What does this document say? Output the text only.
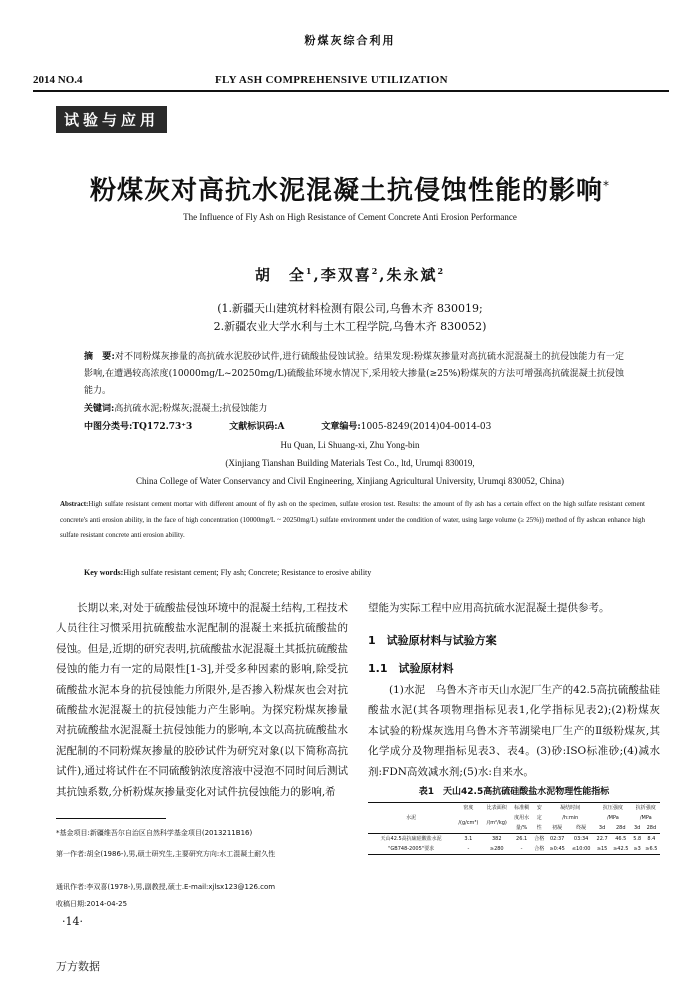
粉煤灰综合利用
2014 NO.4	FLY ASH COMPREHENSIVE UTILIZATION
试验与应用
粉煤灰对高抗水泥混凝土抗侵蚀性能的影响*
The Influence of Fly Ash on High Resistance of Cement Concrete Anti Erosion Performance
胡　全$^1$,李双喜$^2$,朱永斌$^2$
(1.新疆天山建筑材料检测有限公司,乌鲁木齐 830019;
2.新疆农业大学水利与土木工程学院,乌鲁木齐 830052)
摘　要:对不同粉煤灰掺量的高抗硫水泥胶砂试件,进行硫酸盐侵蚀试验。结果发现:粉煤灰掺量对高抗硫水泥混凝土的抗侵蚀能力有一定影响,在遭遇较高浓度(10000mg/L~20250mg/L)硫酸盐环境水情况下,采用较大掺量(≥25%)粉煤灰的方法可增强高抗硫混凝土抗侵蚀能力。
关键词:高抗硫水泥;粉煤灰;混凝土;抗侵蚀能力
中图分类号:TQ172.73⁺3	文献标识码:A	文章编号:1005-8249(2014)04-0014-03
Hu Quan, Li Shuang-xi, Zhu Yong-bin
(Xinjiang Tianshan Building Materials Test Co., ltd, Urumqi 830019,
China College of Water Conservancy and Civil Engineering, Xinjiang Agricultural University, Urumqi 830052, China)
Abstract:High sulfate resistant cement mortar with different amount of fly ash on the specimen, sulfate erosion test. Results: the amount of fly ash has a certain effect on the high sulfate resistant cement concrete's anti erosion ability, in the face of high concentration (10000mg/L ~ 20250mg/L) sulfate environment under the condition of water, using large volume (≥ 25%)) method of fly ashcan enhance high sulfate resistant concrete anti erosion ability.
Key words:High sulfate resistant cement; Fly ash; Concrete; Resistance to erosive ability
长期以来,对处于硫酸盐侵蚀环境中的混凝土结构,工程技术人员往往习惯采用抗硫酸盐水泥配制的混凝土来抵抗硫酸盐的侵蚀。但是,近期的研究表明,抗硫酸盐水泥混凝土其抵抗硫酸盐侵蚀的能力有一定的局限性[1-3],并受多种因素的影响,除受抗硫酸盐水泥本身的抗侵蚀能力所限外,是否掺入粉煤灰也会对抗硫酸盐水泥混凝土的抗侵蚀能力产生影响。为探究粉煤灰掺量对抗硫酸盐水泥混凝土抗侵蚀能力的影响,本文以高抗硫酸盐水泥配制的不同粉煤灰掺量的胶砂试件为研究对象(以下简称高抗试件),通过将试件在不同硫酸钠浓度溶液中浸泡不同时间后测试其抗蚀系数,分析粉煤灰掺量变化对试件抗侵蚀能力的影响,希
望能为实际工程中应用高抗硫水泥混凝土提供参考。
1　试验原材料与试验方案
1.1　试验原材料
(1)水泥　乌鲁木齐市天山水泥厂生产的42.5高抗硫酸盐硅酸盐水泥(其各项物理指标见表1,化学指标见表2);(2)粉煤灰　本试验的粉煤灰选用乌鲁木齐苇湖梁电厂生产的Ⅱ级粉煤灰,其化学成分及物理指标见表3、表4。(3)砂:ISO标准砂;(4)减水剂:FDN高效减水剂;(5)水:自来水。
表1　天山42.5高抗硫硅酸盐水泥物理性能指标
水泥	密度	比表面积	标准稠	安	凝结时间		抗压强度		抗折强度	
	/(g/cm³)	/(m²/kg)	度用水	定	/h:min		/MPa		/MPa	
			量/%	性	初凝	终凝	3d	28d	3d	28d
天山42.5高抗硫硅酸盐水泥	3.1	382	26.1	合格	02:37	03:34	22.7	46.5	5.8	8.4
"GB748-2005"要求	-	≥280	-	合格	≥0:45	≤10:00	≥15	≥42.5	≥3	≥6.5
*基金项目:新疆维吾尔自治区自然科学基金项目(2013211B16)
第一作者:胡全(1986-),男,硕士研究生,主要研究方向:水工混凝土耐久性
通讯作者:李双喜(1978-),男,副教授,硕士.E-mail:xjlsx123@126.com
收稿日期:2014-04-25
·14·
万方数据
